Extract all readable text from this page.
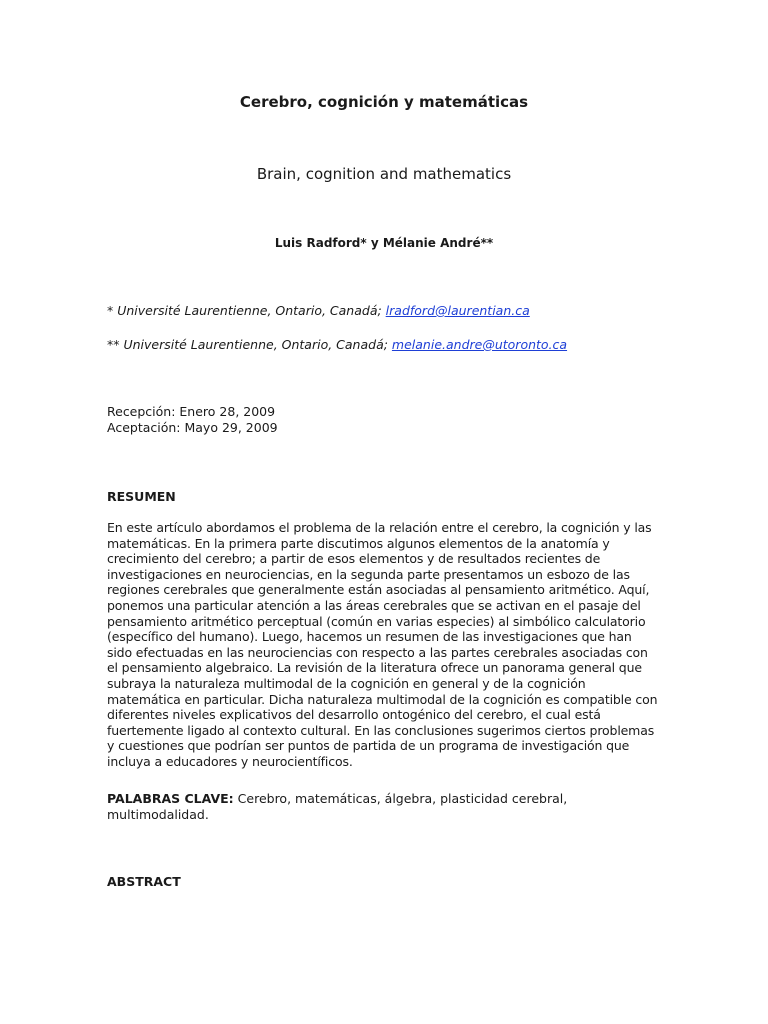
Cerebro, cognición y matemáticas
Brain, cognition and mathematics
Luis Radford* y Mélanie André**
* Université Laurentienne, Ontario, Canadá; lradford@laurentian.ca
** Université Laurentienne, Ontario, Canadá; melanie.andre@utoronto.ca
Recepción: Enero 28, 2009
Aceptación: Mayo 29, 2009
RESUMEN
En este artículo abordamos el problema de la relación entre el cerebro, la cognición y las matemáticas. En la primera parte discutimos algunos elementos de la anatomía y crecimiento del cerebro; a partir de esos elementos y de resultados recientes de investigaciones en neurociencias, en la segunda parte presentamos un esbozo de las regiones cerebrales que generalmente están asociadas al pensamiento aritmético. Aquí, ponemos una particular atención a las áreas cerebrales que se activan en el pasaje del pensamiento aritmético perceptual (común en varias especies) al simbólico calculatorio (específico del humano). Luego, hacemos un resumen de las investigaciones que han sido efectuadas en las neurociencias con respecto a las partes cerebrales asociadas con el pensamiento algebraico. La revisión de la literatura ofrece un panorama general que subraya la naturaleza multimodal de la cognición en general y de la cognición matemática en particular. Dicha naturaleza multimodal de la cognición es compatible con diferentes niveles explicativos del desarrollo ontogénico del cerebro, el cual está fuertemente ligado al contexto cultural. En las conclusiones sugerimos ciertos problemas y cuestiones que podrían ser puntos de partida de un programa de investigación que incluya a educadores y neurocientíficos.
PALABRAS CLAVE: Cerebro, matemáticas, álgebra, plasticidad cerebral, multimodalidad.
ABSTRACT
